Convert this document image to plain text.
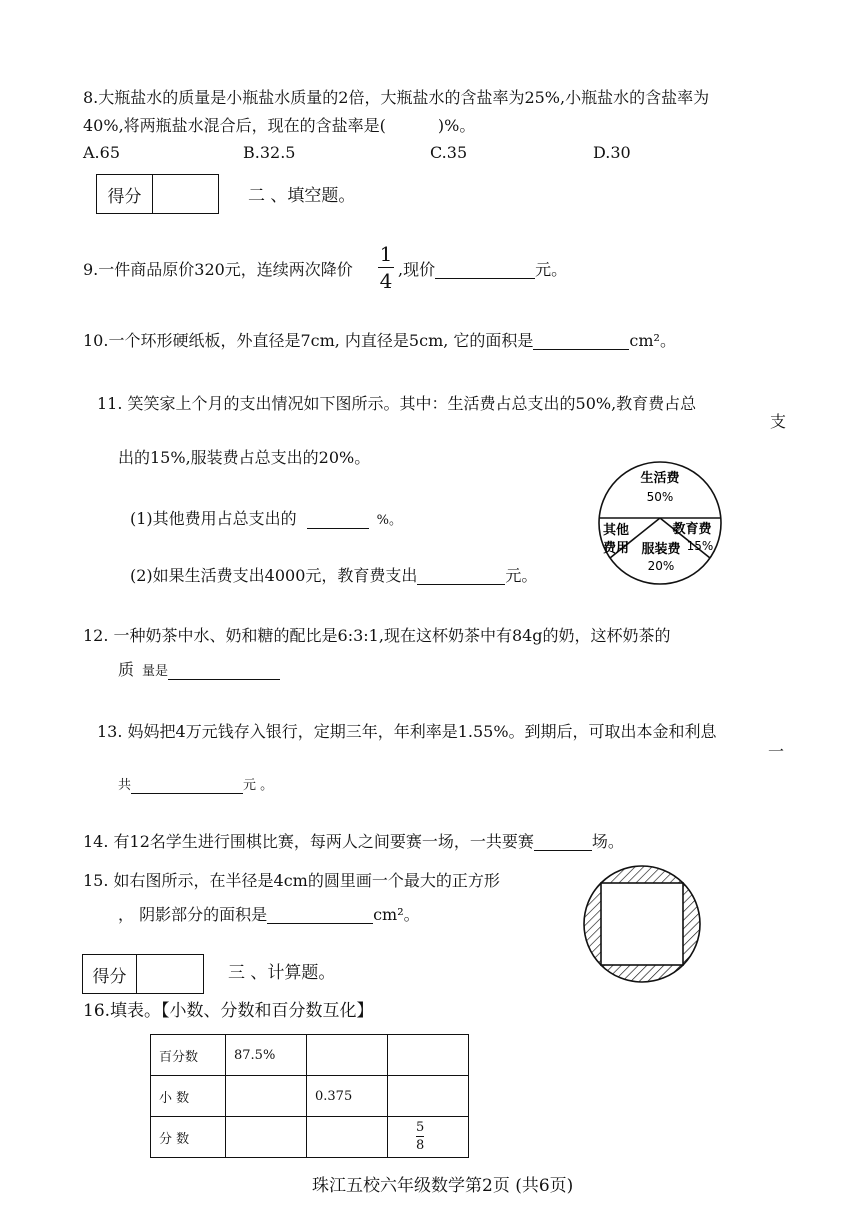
8.大瓶盐水的质量是小瓶盐水质量的2倍，大瓶盐水的含盐率为25%,小瓶盐水的含盐率为
40%,将两瓶盐水混合后，现在的含盐率是(	)%。
A.65	B.32.5	C.35	D.30
得分	二 、填空题。
9.一件商品原价320元，连续两次降价
1
4 ,现价	元。
10.一个环形硬纸板，外直径是7cm, 内直径是5cm, 它的面积是	cm²。
11. 笑笑家上个月的支出情况如下图所示。其中：生活费占总支出的50%,教育费占总
支
出的15%,服装费占总支出的20%。
(1)其他费用占总支出的	%。
(2)如果生活费支出4000元，教育费支出	元。
生活费
50%
其他
费用
教育费
15%
服装费
20%
12. 一种奶茶中水、奶和糖的配比是6:3:1,现在这杯奶茶中有84g的奶，这杯奶茶的
质 量是
13. 妈妈把4万元钱存入银行，定期三年，年利率是1.55%。到期后，可取出本金和利息
一
共	元 。
14. 有12名学生进行围棋比赛，每两人之间要赛一场，一共要赛	场。
15. 如右图所示，在半径是4cm的圆里画一个最大的正方形
， 阴影部分的面积是	cm²。
得分	三 、计算题。
16.填表。【小数、分数和百分数互化】
百分数	87.5%		
小 数		0.375	
分 数			$\frac{5}{8}$
珠江五校六年级数学第2页 (共6页)
